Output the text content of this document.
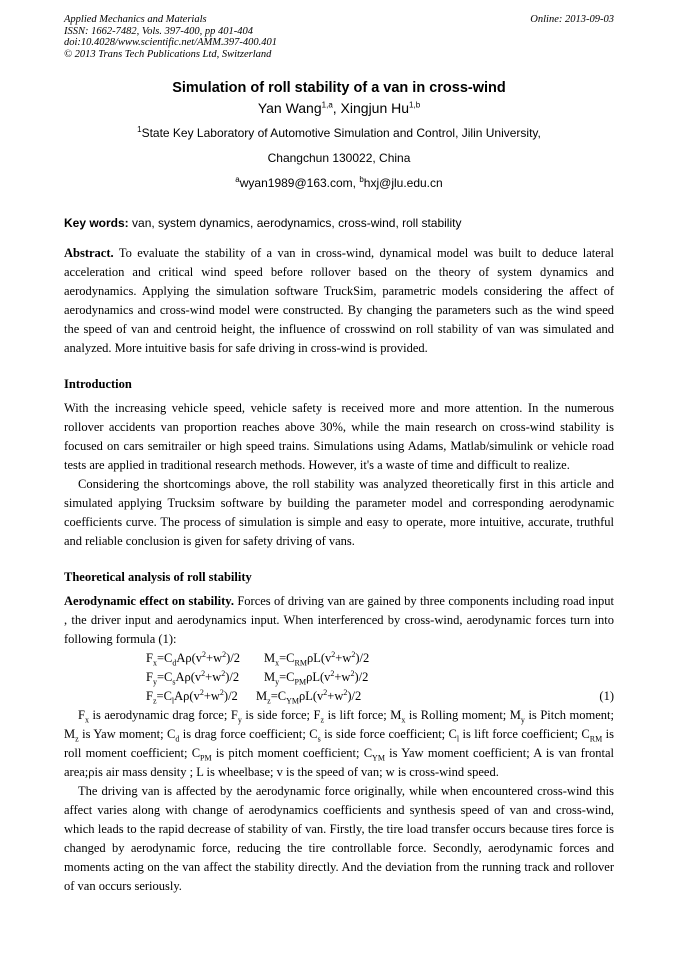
Applied Mechanics and Materials
ISSN: 1662-7482, Vols. 397-400, pp 401-404
doi:10.4028/www.scientific.net/AMM.397-400.401
© 2013 Trans Tech Publications Ltd, Switzerland
Online: 2013-09-03
Simulation of roll stability of a van in cross-wind
Yan Wang$^{1,a}$, Xingjun Hu$^{1,b}$
$^1$State Key Laboratory of Automotive Simulation and Control, Jilin University,
Changchun 130022, China
$^a$wyan1989@163.com, $^b$hxj@jlu.edu.cn
Key words: van, system dynamics, aerodynamics, cross-wind, roll stability

Abstract. To evaluate the stability of a van in cross-wind, dynamical model was built to deduce lateral acceleration and critical wind speed before rollover based on the theory of system dynamics and aerodynamics. Applying the simulation software TruckSim, parametric models considering the affect of aerodynamics and cross-wind model were constructed. By changing the parameters such as the wind speed the speed of van and centroid height, the influence of crosswind on roll stability of van was simulated and analyzed. More intuitive basis for safe driving in cross-wind is provided.

Introduction

With the increasing vehicle speed, vehicle safety is received more and more attention. In the numerous rollover accidents van proportion reaches above 30%, while the main research on cross-wind stability is focused on cars semitrailer or high speed trains. Simulations using Adams, Matlab/simulink or vehicle road tests are applied in traditional research methods. However, it's a waste of time and difficult to realize.

Considering the shortcomings above, the roll stability was analyzed theoretically first in this article and simulated applying Trucksim software by building the parameter model and corresponding aerodynamic coefficients curve. The process of simulation is simple and easy to operate, more intuitive, accurate, truthful and reliable conclusion is given for safety driving of vans.

Theoretical analysis of roll stability

Aerodynamic effect on stability. Forces of driving van are gained by three components including road input , the driver input and aerodynamics input. When interferenced by cross-wind, aerodynamic forces turn into following formula (1):

$F_x=C_dA\rho(v^2+w^2)/2$ $M_x=C_{RM}\rho L(v^2+w^2)/2$
$F_y=C_sA\rho(v^2+w^2)/2$ $M_y=C_{PM}\rho L(v^2+w^2)/2$
$F_z=C_lA\rho(v^2+w^2)/2$ $M_z=C_{YM}\rho L(v^2+w^2)/2$	(1)

$F_x$ is aerodynamic drag force; $F_y$ is side force; $F_z$ is lift force; $M_x$ is Rolling moment; $M_y$ is Pitch moment; $M_z$ is Yaw moment; $C_d$ is drag force coefficient; $C_s$ is side force coefficient; $C_l$ is lift force coefficient; $C_{RM}$ is roll moment coefficient; $C_{PM}$ is pitch moment coefficient; $C_{YM}$ is Yaw moment coefficient; A is van frontal area;ρis air mass density ; L is wheelbase; v is the speed of van; w is cross-wind speed.

The driving van is affected by the aerodynamic force originally, while when encountered cross-wind this affect varies along with change of aerodynamics coefficients and synthesis speed of van and cross-wind, which leads to the rapid decrease of stability of van. Firstly, the tire load transfer occurs because tires force is changed by aerodynamic force, reducing the tire controllable force. Secondly, aerodynamic forces and moments acting on the van affect the stability directly. And the deviation from the running track and rollover of van occurs seriously.
